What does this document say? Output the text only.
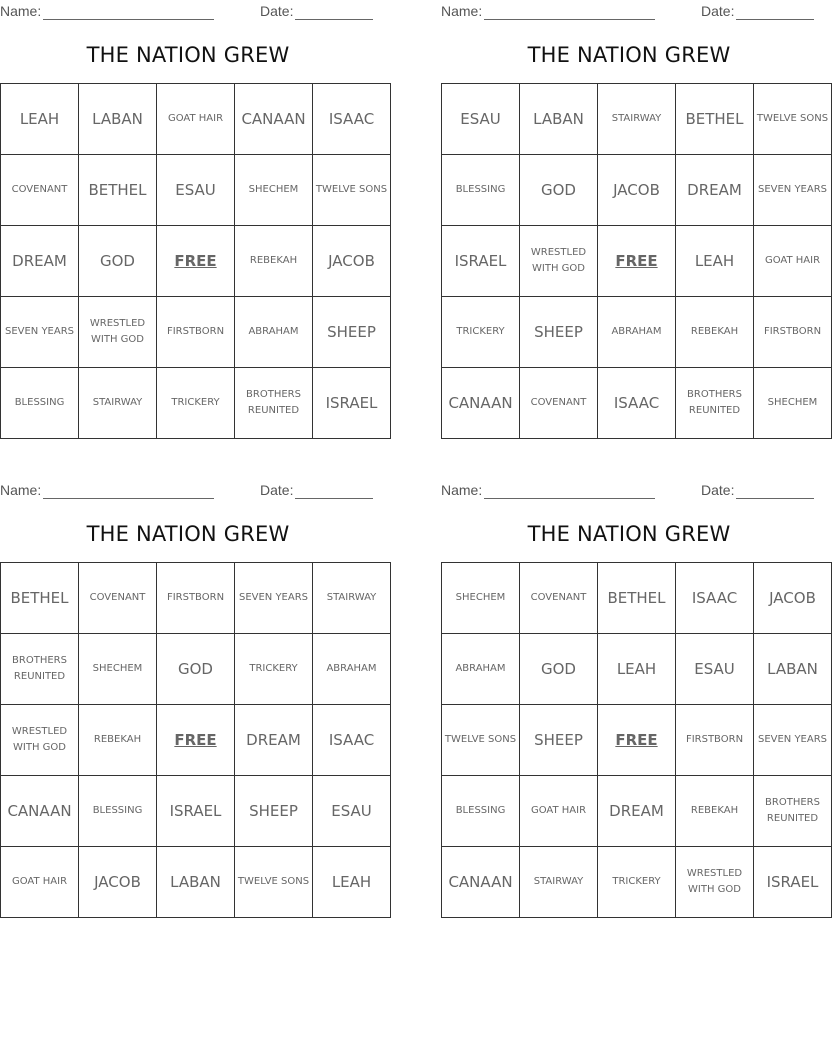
Name:	Date:
THE NATION GREW
LEAH	LABAN	GOAT HAIR	CANAAN	ISAAC
COVENANT	BETHEL	ESAU	SHECHEM	TWELVE SONS
DREAM	GOD	FREE	REBEKAH	JACOB
SEVEN YEARS	WRESTLED WITH GOD	FIRSTBORN	ABRAHAM	SHEEP
BLESSING	STAIRWAY	TRICKERY	BROTHERS REUNITED	ISRAEL
Name:	Date:
THE NATION GREW
ESAU	LABAN	STAIRWAY	BETHEL	TWELVE SONS
BLESSING	GOD	JACOB	DREAM	SEVEN YEARS
ISRAEL	WRESTLED WITH GOD	FREE	LEAH	GOAT HAIR
TRICKERY	SHEEP	ABRAHAM	REBEKAH	FIRSTBORN
CANAAN	COVENANT	ISAAC	BROTHERS REUNITED	SHECHEM
Name:	Date:
THE NATION GREW
BETHEL	COVENANT	FIRSTBORN	SEVEN YEARS	STAIRWAY
BROTHERS REUNITED	SHECHEM	GOD	TRICKERY	ABRAHAM
WRESTLED WITH GOD	REBEKAH	FREE	DREAM	ISAAC
CANAAN	BLESSING	ISRAEL	SHEEP	ESAU
GOAT HAIR	JACOB	LABAN	TWELVE SONS	LEAH
Name:	Date:
THE NATION GREW
SHECHEM	COVENANT	BETHEL	ISAAC	JACOB
ABRAHAM	GOD	LEAH	ESAU	LABAN
TWELVE SONS	SHEEP	FREE	FIRSTBORN	SEVEN YEARS
BLESSING	GOAT HAIR	DREAM	REBEKAH	BROTHERS REUNITED
CANAAN	STAIRWAY	TRICKERY	WRESTLED WITH GOD	ISRAEL
